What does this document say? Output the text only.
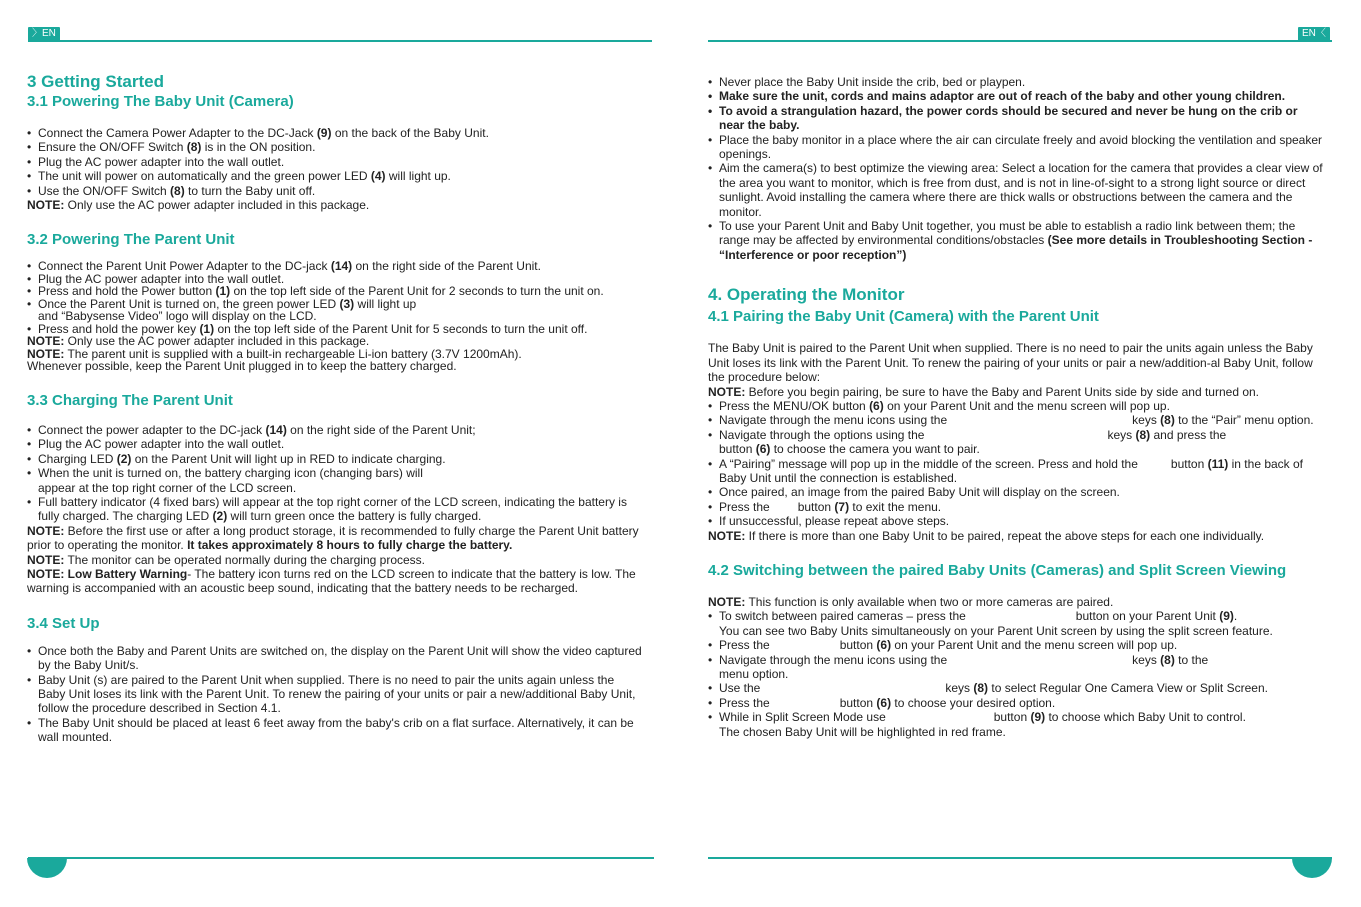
〉EN
3 Getting Started
3.1 Powering The Baby Unit (Camera)
• Connect the Camera Power Adapter to the DC-Jack (9) on the back of the Baby Unit.
• Ensure the ON/OFF Switch (8) is in the ON position.
• Plug the AC power adapter into the wall outlet.
• The unit will power on automatically and the green power LED (4) will light up.
• Use the ON/OFF Switch (8) to turn the Baby unit off.

NOTE: Only use the AC power adapter included in this package.

3.2 Powering The Parent Unit
• Connect the Parent Unit Power Adapter to the DC-jack (14) on the right side of the Parent Unit.
• Plug the AC power adapter into the wall outlet.
• Press and hold the Power button (1) on the top left side of the Parent Unit for 2 seconds to turn the unit on.
• Once the Parent Unit is turned on, the green power LED (3) will light up and “Babysense Video” logo will display on the LCD.
• Press and hold the power key (1) on the top left side of the Parent Unit for 5 seconds to turn the unit off.

NOTE: Only use the AC power adapter included in this package.

NOTE: The parent unit is supplied with a built-in rechargeable Li-ion battery (3.7V 1200mAh).
Whenever possible, keep the Parent Unit plugged in to keep the battery charged.

3.3 Charging The Parent Unit
• Connect the power adapter to the DC-jack (14) on the right side of the Parent Unit;
• Plug the AC power adapter into the wall outlet.
• Charging LED (2) on the Parent Unit will light up in RED to indicate charging.
• When the unit is turned on, the battery charging icon (changing bars) will appear at the top right corner of the LCD screen.
• Full battery indicator (4 fixed bars) will appear at the top right corner of the LCD screen, indicating the battery is fully charged. The charging LED (2) will turn green once the battery is fully charged.

NOTE: Before the first use or after a long product storage, it is recommended to fully charge the Parent Unit battery prior to operating the monitor. It takes approximately 8 hours to fully charge the battery.

NOTE: The monitor can be operated normally during the charging process.

NOTE: Low Battery Warning- The battery icon turns red on the LCD screen to indicate that the battery is low. The warning is accompanied with an acoustic beep sound, indicating that the battery needs to be recharged.

3.4 Set Up
• Once both the Baby and Parent Units are switched on, the display on the Parent Unit will show the video captured by the Baby Unit/s.
• Baby Unit (s) are paired to the Parent Unit when supplied. There is no need to pair the units again unless the Baby Unit loses its link with the Parent Unit. To renew the pairing of your units or pair a new/additional Baby Unit, follow the procedure described in Section 4.1.
• The Baby Unit should be placed at least 6 feet away from the baby's crib on a flat surface. Alternatively, it can be wall mounted.
EN〈
• Never place the Baby Unit inside the crib, bed or playpen.
• Make sure the unit, cords and mains adaptor are out of reach of the baby and other young children.
• To avoid a strangulation hazard, the power cords should be secured and never be hung on the crib or near the baby.
• Place the baby monitor in a place where the air can circulate freely and avoid blocking the ventilation and speaker openings.
• Aim the camera(s) to best optimize the viewing area: Select a location for the camera that provides a clear view of the area you want to monitor, which is free from dust, and is not in line-of-sight to a strong light source or direct sunlight. Avoid installing the camera where there are thick walls or obstructions between the camera and the monitor.
• To use your Parent Unit and Baby Unit together, you must be able to establish a radio link between them; the range may be affected by environmental conditions/obstacles (See more details in Troubleshooting Section - “Interference or poor reception”)
4. Operating the Monitor
4.1 Pairing the Baby Unit (Camera) with the Parent Unit

The Baby Unit is paired to the Parent Unit when supplied. There is no need to pair the units again unless the Baby Unit loses its link with the Parent Unit. To renew the pairing of your units or pair a new/addition-al Baby Unit, follow the procedure below:

NOTE: Before you begin pairing, be sure to have the Baby and Parent Units side by side and turned on.

• Press the MENU/OK button (6) on your Parent Unit and the menu screen will pop up.
• Navigate through the menu icons using the	keys (8) to the “Pair” menu option.
• Navigate through the options using the	keys (8) and press the
button (6) to choose the camera you want to pair.
• A “Pairing” message will pop up in the middle of the screen. Press and hold the	button (11) in the back of Baby Unit until the connection is established.
• Once paired, an image from the paired Baby Unit will display on the screen.
• Press the button (7) to exit the menu.
• If unsuccessful, please repeat above steps.

NOTE: If there is more than one Baby Unit to be paired, repeat the above steps for each one individually.

4.2 Switching between the paired Baby Units (Cameras) and Split Screen Viewing

NOTE: This function is only available when two or more cameras are paired.

• To switch between paired cameras – press the	button on your Parent Unit (9).
You can see two Baby Units simultaneously on your Parent Unit screen by using the split screen feature.
• Press the	button (6) on your Parent Unit and the menu screen will pop up.
• Navigate through the menu icons using the	keys (8) to the
menu option.
• Use the	keys (8) to select Regular One Camera View or Split Screen.
• Press the	button (6) to choose your desired option.
• While in Split Screen Mode use	button (9) to choose which Baby Unit to control.
The chosen Baby Unit will be highlighted in red frame.
